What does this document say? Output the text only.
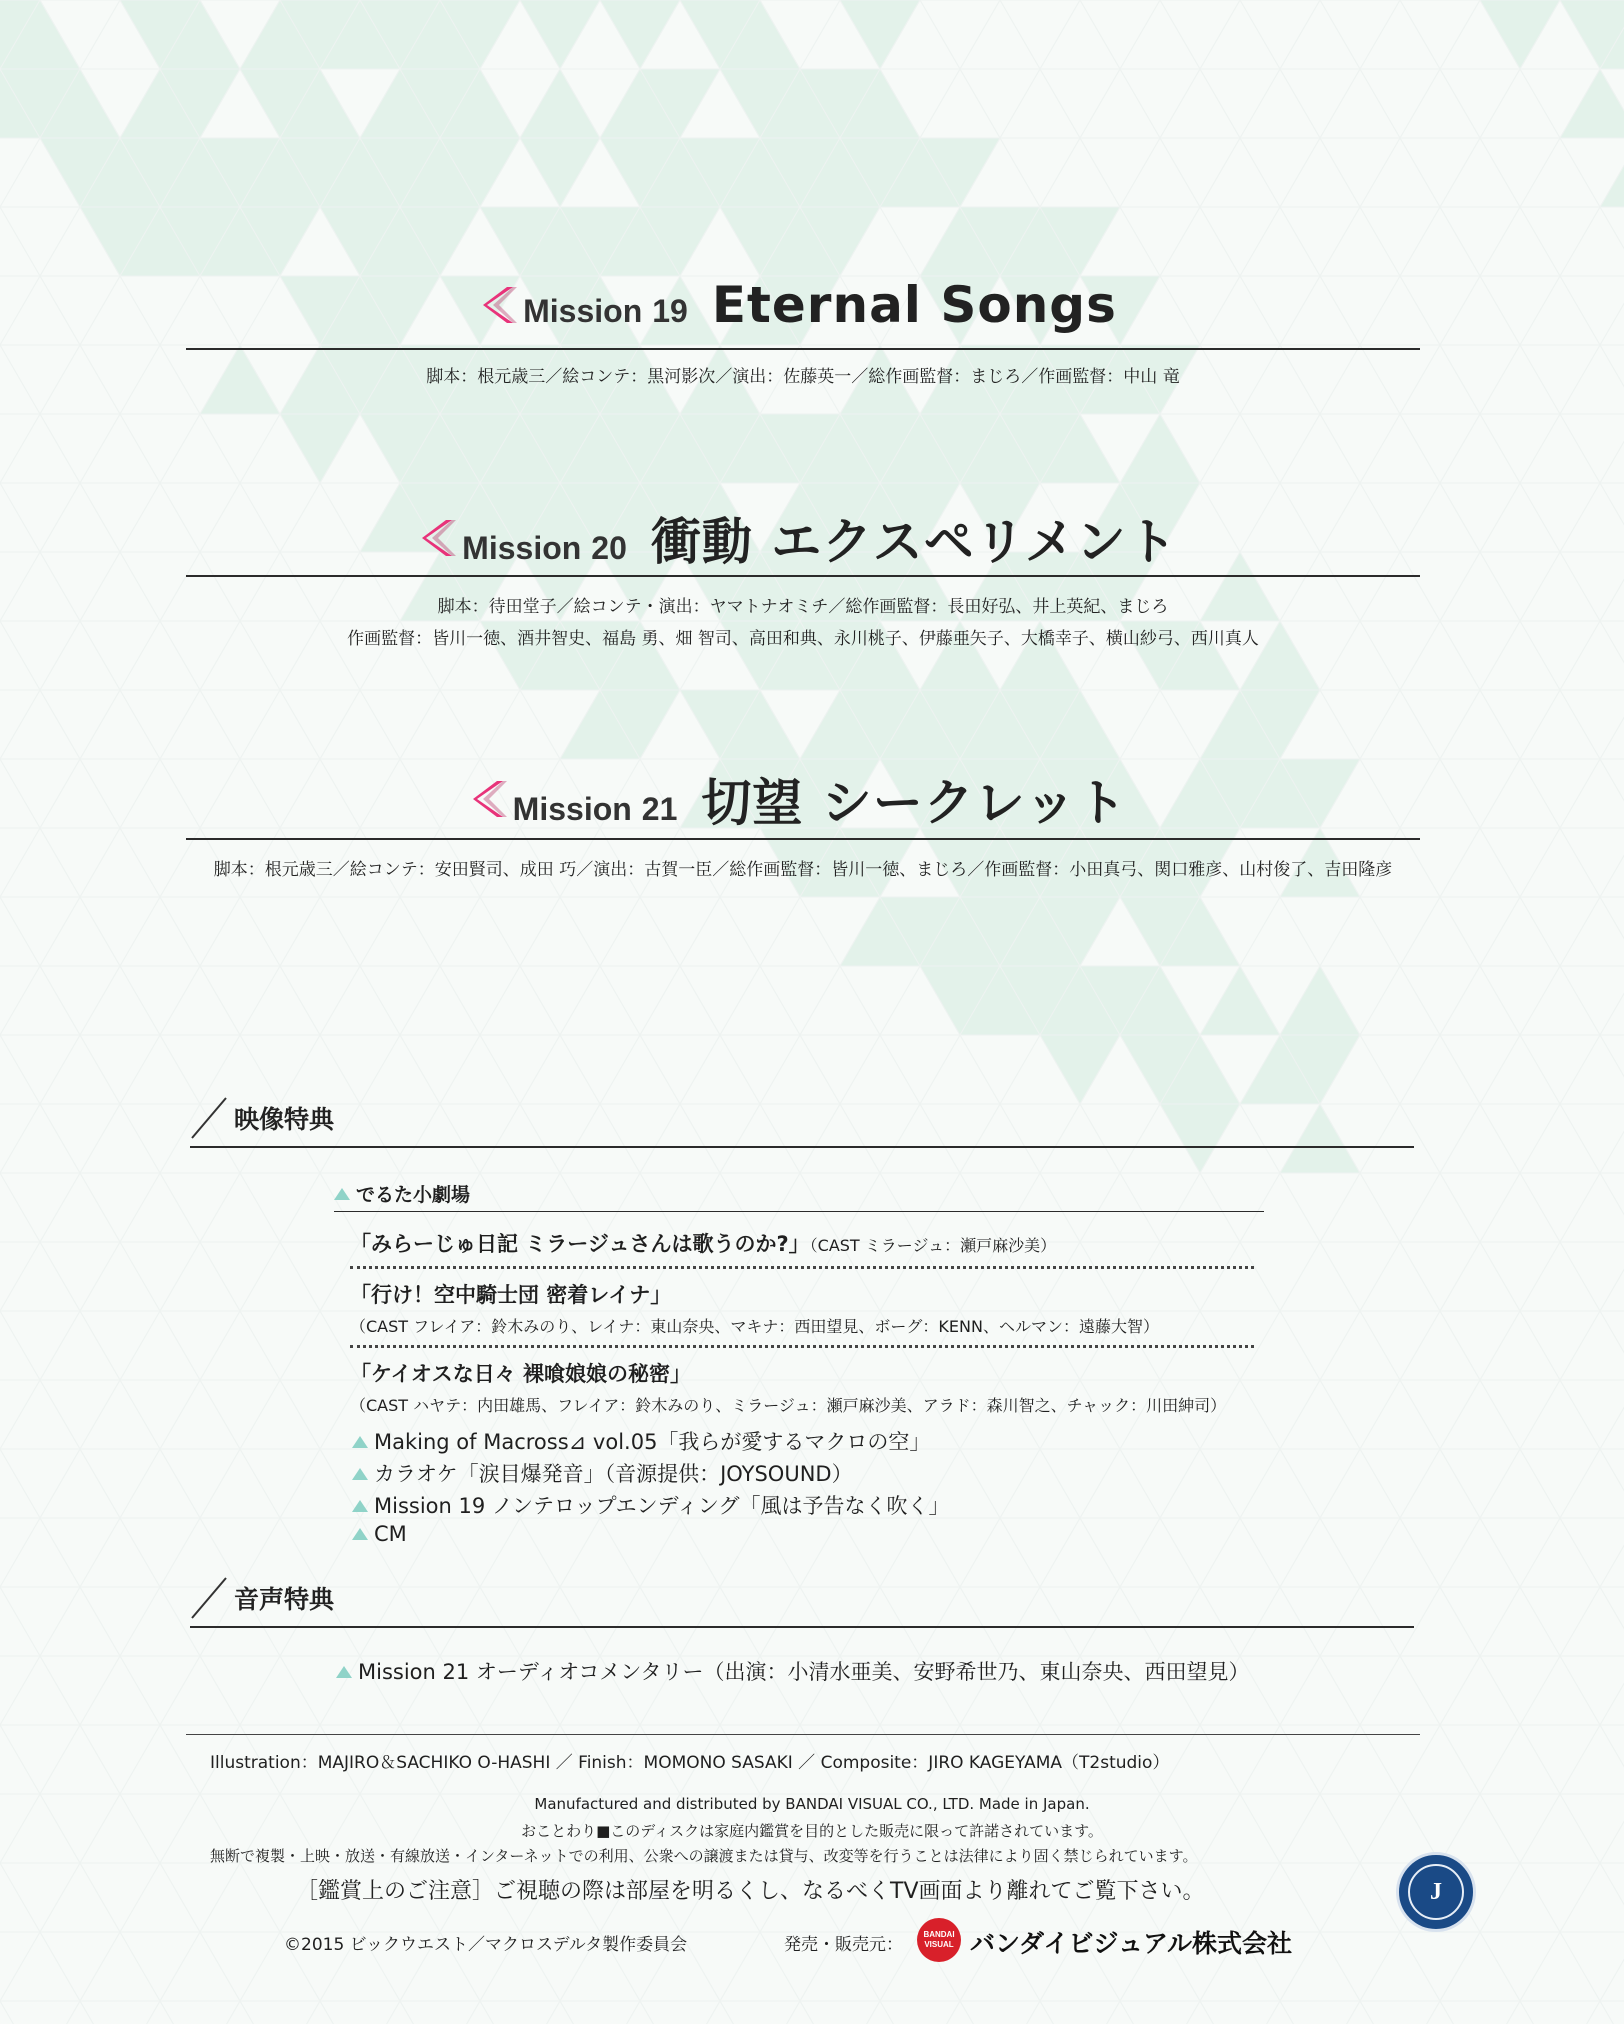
Mission 19 Eternal Songs
脚本：根元歳三／絵コンテ：黒河影次／演出：佐藤英一／総作画監督：まじろ／作画監督：中山 竜
Mission 20 衝動 エクスペリメント
脚本：待田堂子／絵コンテ・演出：ヤマトナオミチ／総作画監督：長田好弘、井上英紀、まじろ
作画監督：皆川一徳、酒井智史、福島 勇、畑 智司、高田和典、永川桃子、伊藤亜矢子、大橋幸子、横山紗弓、西川真人
Mission 21 切望 シークレット
脚本：根元歳三／絵コンテ：安田賢司、成田 巧／演出：古賀一臣／総作画監督：皆川一徳、まじろ／作画監督：小田真弓、関口雅彦、山村俊了、吉田隆彦
映像特典
でるた小劇場
「みらーじゅ日記 ミラージュさんは歌うのか?」（CAST ミラージュ：瀬戸麻沙美）
「行け！空中騎士団 密着レイナ」
（CAST フレイア：鈴木みのり、レイナ：東山奈央、マキナ：西田望見、ボーグ：KENN、ヘルマン：遠藤大智）
「ケイオスな日々 裸喰娘娘の秘密」
（CAST ハヤテ：内田雄馬、フレイア：鈴木みのり、ミラージュ：瀬戸麻沙美、アラド：森川智之、チャック：川田紳司）
Making of Macross⊿ vol.05「我らが愛するマクロの空」
カラオケ「涙目爆発音」（音源提供：JOYSOUND）
Mission 19 ノンテロップエンディング「風は予告なく吹く」
CM
音声特典
Mission 21 オーディオコメンタリー（出演：小清水亜美、安野希世乃、東山奈央、西田望見）
Illustration：MAJIRO＆SACHIKO O-HASHI ／ Finish：MOMONO SASAKI ／ Composite：JIRO KAGEYAMA（T2studio）
Manufactured and distributed by BANDAI VISUAL CO., LTD. Made in Japan.
おことわり■このディスクは家庭内鑑賞を目的とした販売に限って許諾されています。
無断で複製・上映・放送・有線放送・インターネットでの利用、公衆への譲渡または貸与、改変等を行うことは法律により固く禁じられています。
［鑑賞上のご注意］ご視聴の際は部屋を明るくし、なるべくTV画面より離れてご覧下さい。	J
©2015 ビックウエスト／マクロスデルタ製作委員会	発売・販売元：
BANDAI
VISUAL バンダイビジュアル株式会社
